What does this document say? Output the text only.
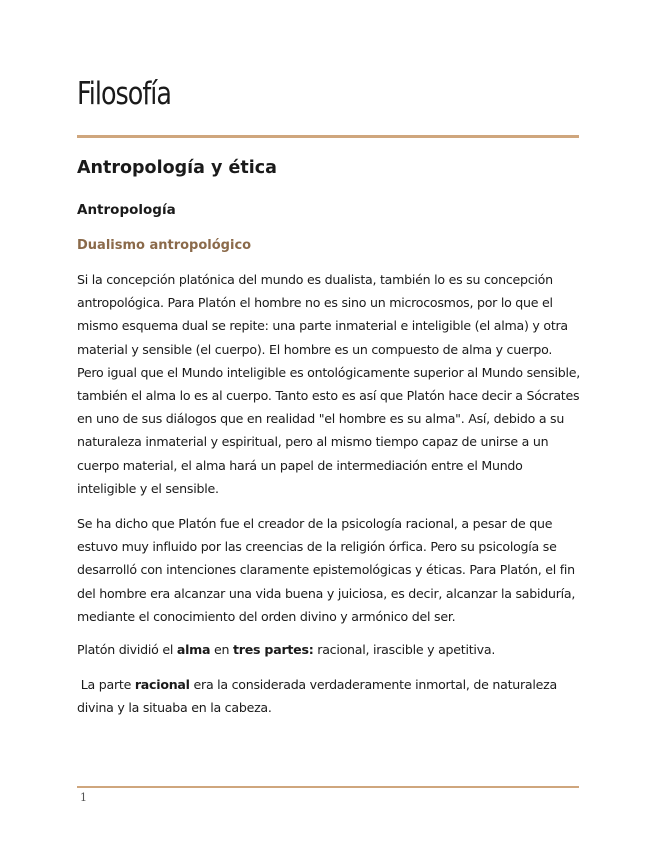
Filosofía
Antropología y ética
Antropología
Dualismo antropológico

Si la concepción platónica del mundo es dualista, también lo es su concepción antropológica. Para Platón el hombre no es sino un microcosmos, por lo que el mismo esquema dual se repite: una parte inmaterial e inteligible (el alma) y otra material y sensible (el cuerpo). El hombre es un compuesto de alma y cuerpo. Pero igual que el Mundo inteligible es ontológicamente superior al Mundo sensible, también el alma lo es al cuerpo. Tanto esto es así que Platón hace decir a Sócrates en uno de sus diálogos que en realidad "el hombre es su alma". Así, debido a su naturaleza inmaterial y espiritual, pero al mismo tiempo capaz de unirse a un cuerpo material, el alma hará un papel de intermediación entre el Mundo inteligible y el sensible.

Se ha dicho que Platón fue el creador de la psicología racional, a pesar de que estuvo muy influido por las creencias de la religión órfica. Pero su psicología se desarrolló con intenciones claramente epistemológicas y éticas. Para Platón, el fin del hombre era alcanzar una vida buena y juiciosa, es decir, alcanzar la sabiduría, mediante el conocimiento del orden divino y armónico del ser.

Platón dividió el alma en tres partes: racional, irascible y apetitiva.

La parte racional era la considerada verdaderamente inmortal, de naturaleza divina y la situaba en la cabeza.

1
